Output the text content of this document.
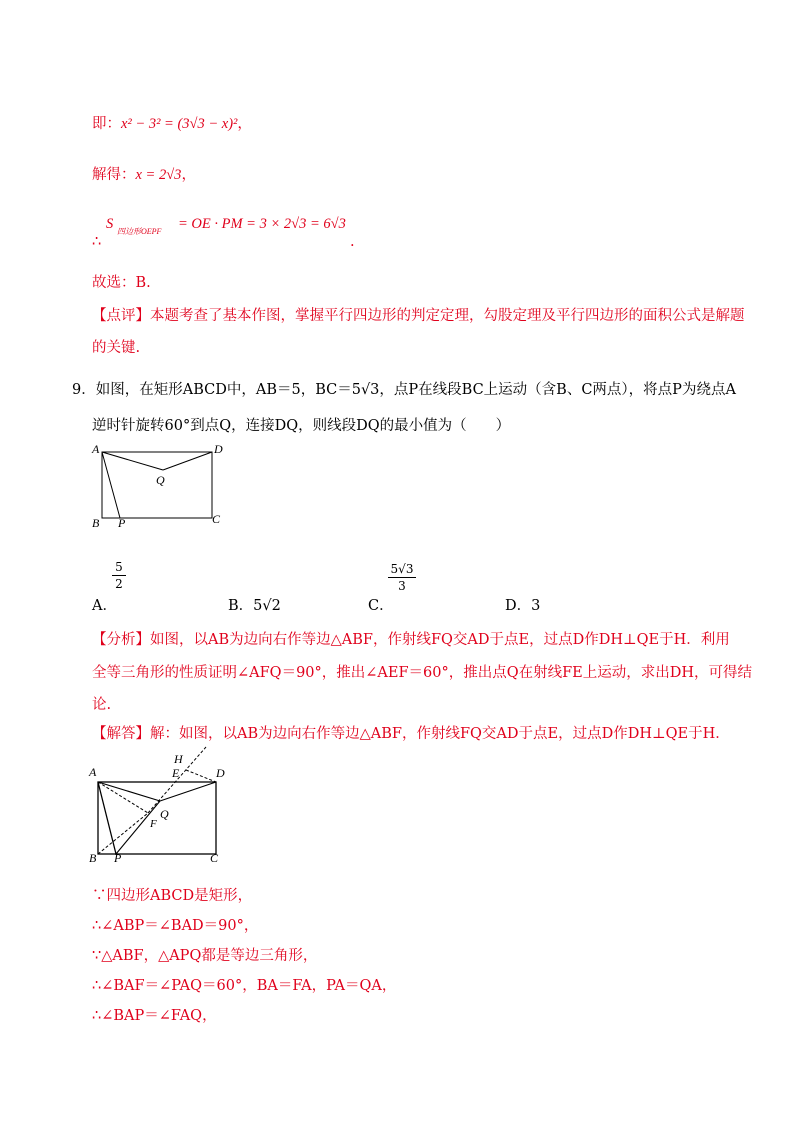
即：x² − 3² = (3√3 − x)²，
解得：x = 2√3，
S 四边形OEPF = OE · PM = 3 × 2√3 = 6√3
∴	.
故选：B.
【点评】本题考查了基本作图，掌握平行四边形的判定定理，勾股定理及平行四边形的面积公式是解题
的关键.
9．如图，在矩形ABCD中，AB＝5，BC＝5√3，点P在线段BC上运动（含B、C两点），将点P为绕点A
逆时针旋转60°到点Q，连接DQ，则线段DQ的最小值为（　　）
A	D
Q
B P	C
A．
5
2
B．5√2	C．
5√3
3
D．3
【分析】如图，以AB为边向右作等边△ABF，作射线FQ交AD于点E，过点D作DH⊥QE于H．利用
全等三角形的性质证明∠AFQ＝90°，推出∠AEF＝60°，推出点Q在射线FE上运动，求出DH，可得结
论.
【解答】解：如图，以AB为边向右作等边△ABF，作射线FQ交AD于点E，过点D作DH⊥QE于H．
A	D
H
E
Q
F
B P	C
∵四边形ABCD是矩形，
∴∠ABP＝∠BAD＝90°，
∵△ABF，△APQ都是等边三角形，
∴∠BAF＝∠PAQ＝60°，BA＝FA，PA＝QA，
∴∠BAP＝∠FAQ，
